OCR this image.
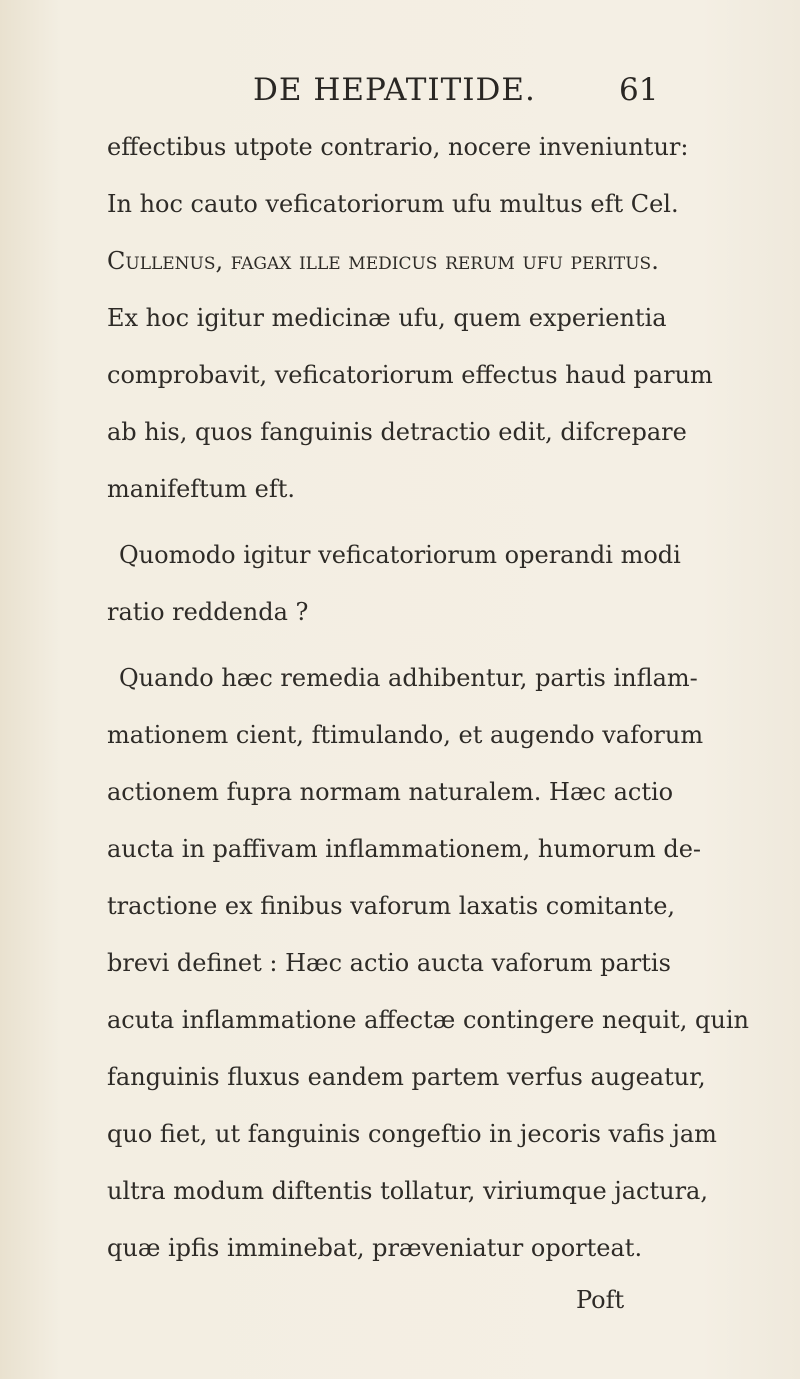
DE HEPATITIDE.	61
effectibus utpote contrario, nocere inveniuntur:
In hoc cauto veficatoriorum ufu multus eft Cel.
Cullenus, fagax ille medicus rerum ufu peritus.
Ex hoc igitur medicinæ ufu, quem experientia
comprobavit, veficatoriorum effectus haud parum
ab his, quos fanguinis detractio edit, difcrepare
manifeftum eft.
Quomodo igitur veficatoriorum operandi modi
ratio reddenda ?
Quando hæc remedia adhibentur, partis inflam-
mationem cient, ftimulando, et augendo vaforum
actionem fupra normam naturalem. Hæc actio
aucta in paffivam inflammationem, humorum de-
tractione ex finibus vaforum laxatis comitante,
brevi definet : Hæc actio aucta vaforum partis
acuta inflammatione affectæ contingere nequit, quin
fanguinis fluxus eandem partem verfus augeatur,
quo fiet, ut fanguinis congeftio in jecoris vafis jam
ultra modum diftentis tollatur, viriumque jactura,
quæ ipfis imminebat, præveniatur oporteat.
Poft
